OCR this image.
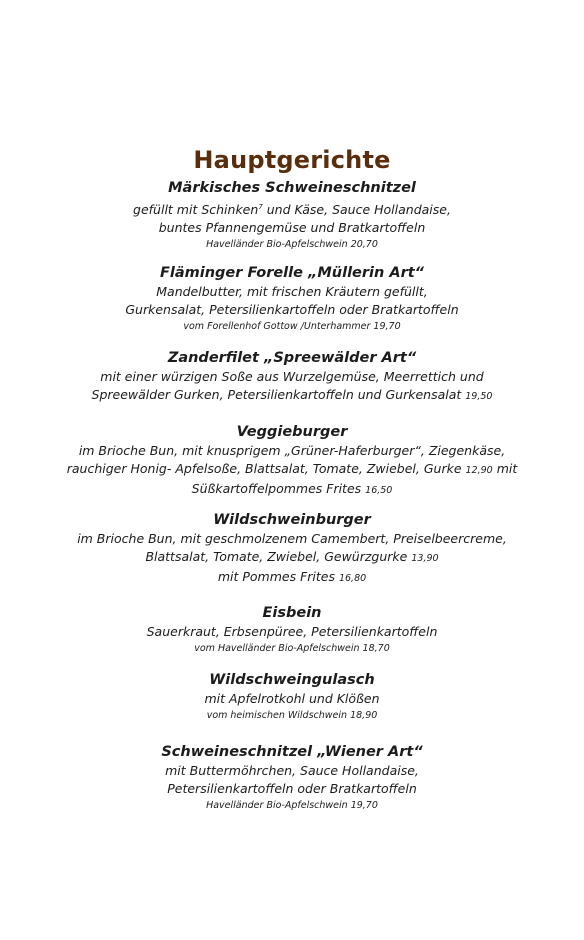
Hauptgerichte
Märkisches Schweineschnitzel
gefüllt mit Schinken$^7$ und Käse, Sauce Hollandaise,
buntes Pfannengemüse und Bratkartoffeln
Havelländer Bio-Apfelschwein 20,70
Fläminger Forelle „Müllerin Art“
Mandelbutter, mit frischen Kräutern gefüllt,
Gurkensalat, Petersilienkartoffeln oder Bratkartoffeln
vom Forellenhof Gottow /Unterhammer 19,70
Zanderfilet „Spreewälder Art“
mit einer würzigen Soße aus Wurzelgemüse, Meerrettich und
Spreewälder Gurken, Petersilienkartoffeln und Gurkensalat 19,50
Veggieburger
im Brioche Bun, mit knusprigem „Grüner-Haferburger“, Ziegenkäse,
rauchiger Honig- Apfelsoße, Blattsalat, Tomate, Zwiebel, Gurke 12,90 mit
Süßkartoffelpommes Frites 16,50
Wildschweinburger
im Brioche Bun, mit geschmolzenem Camembert, Preiselbeercreme,
Blattsalat, Tomate, Zwiebel, Gewürzgurke 13,90
mit Pommes Frites 16,80
Eisbein
Sauerkraut, Erbsenpüree, Petersilienkartoffeln
vom Havelländer Bio-Apfelschwein 18,70
Wildschweingulasch
mit Apfelrotkohl und Klößen
vom heimischen Wildschwein 18,90
Schweineschnitzel „Wiener Art“
mit Buttermöhrchen, Sauce Hollandaise,
Petersilienkartoffeln oder Bratkartoffeln
Havelländer Bio-Apfelschwein 19,70
